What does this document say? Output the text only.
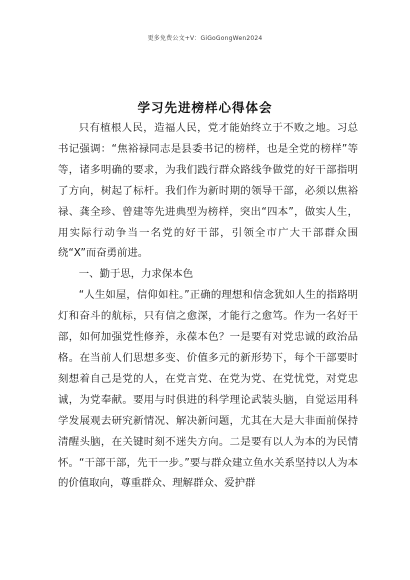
更多免费公文+V：GiGoGongWen2024
学习先进榜样心得体会

只有植根人民，造福人民，党才能始终立于不败之地。习总书记强调：“焦裕禄同志是县委书记的榜样，也是全党的榜样”等等，诸多明确的要求，为我们践行群众路线争做党的好干部指明了方向，树起了标杆。我们作为新时期的领导干部，必须以焦裕禄、龚全珍、曾建等先进典型为榜样，突出“四本”，做实人生，用实际行动争当一名党的好干部，引领全市广大干部群众围绕“X”而奋勇前进。

一、勤于思，力求保本色

“人生如屋，信仰如柱。”正确的理想和信念犹如人生的指路明灯和奋斗的航标，只有信之愈深，才能行之愈笃。作为一名好干部，如何加强党性修养，永葆本色？一是要有对党忠诚的政治品格。在当前人们思想多变、价值多元的新形势下，每个干部要时刻想着自己是党的人，在党言党、在党为党、在党忧党，对党忠诚，为党奉献。要用与时俱进的科学理论武装头脑，自觉运用科学发展观去研究新情况、解决新问题，尤其在大是大非面前保持清醒头脑，在关键时刻不迷失方向。二是要有以人为本的为民情怀。“干部干部，先干一步。”要与群众建立鱼水关系坚持以人为本的价值取向，尊重群众、理解群众、爱护群
